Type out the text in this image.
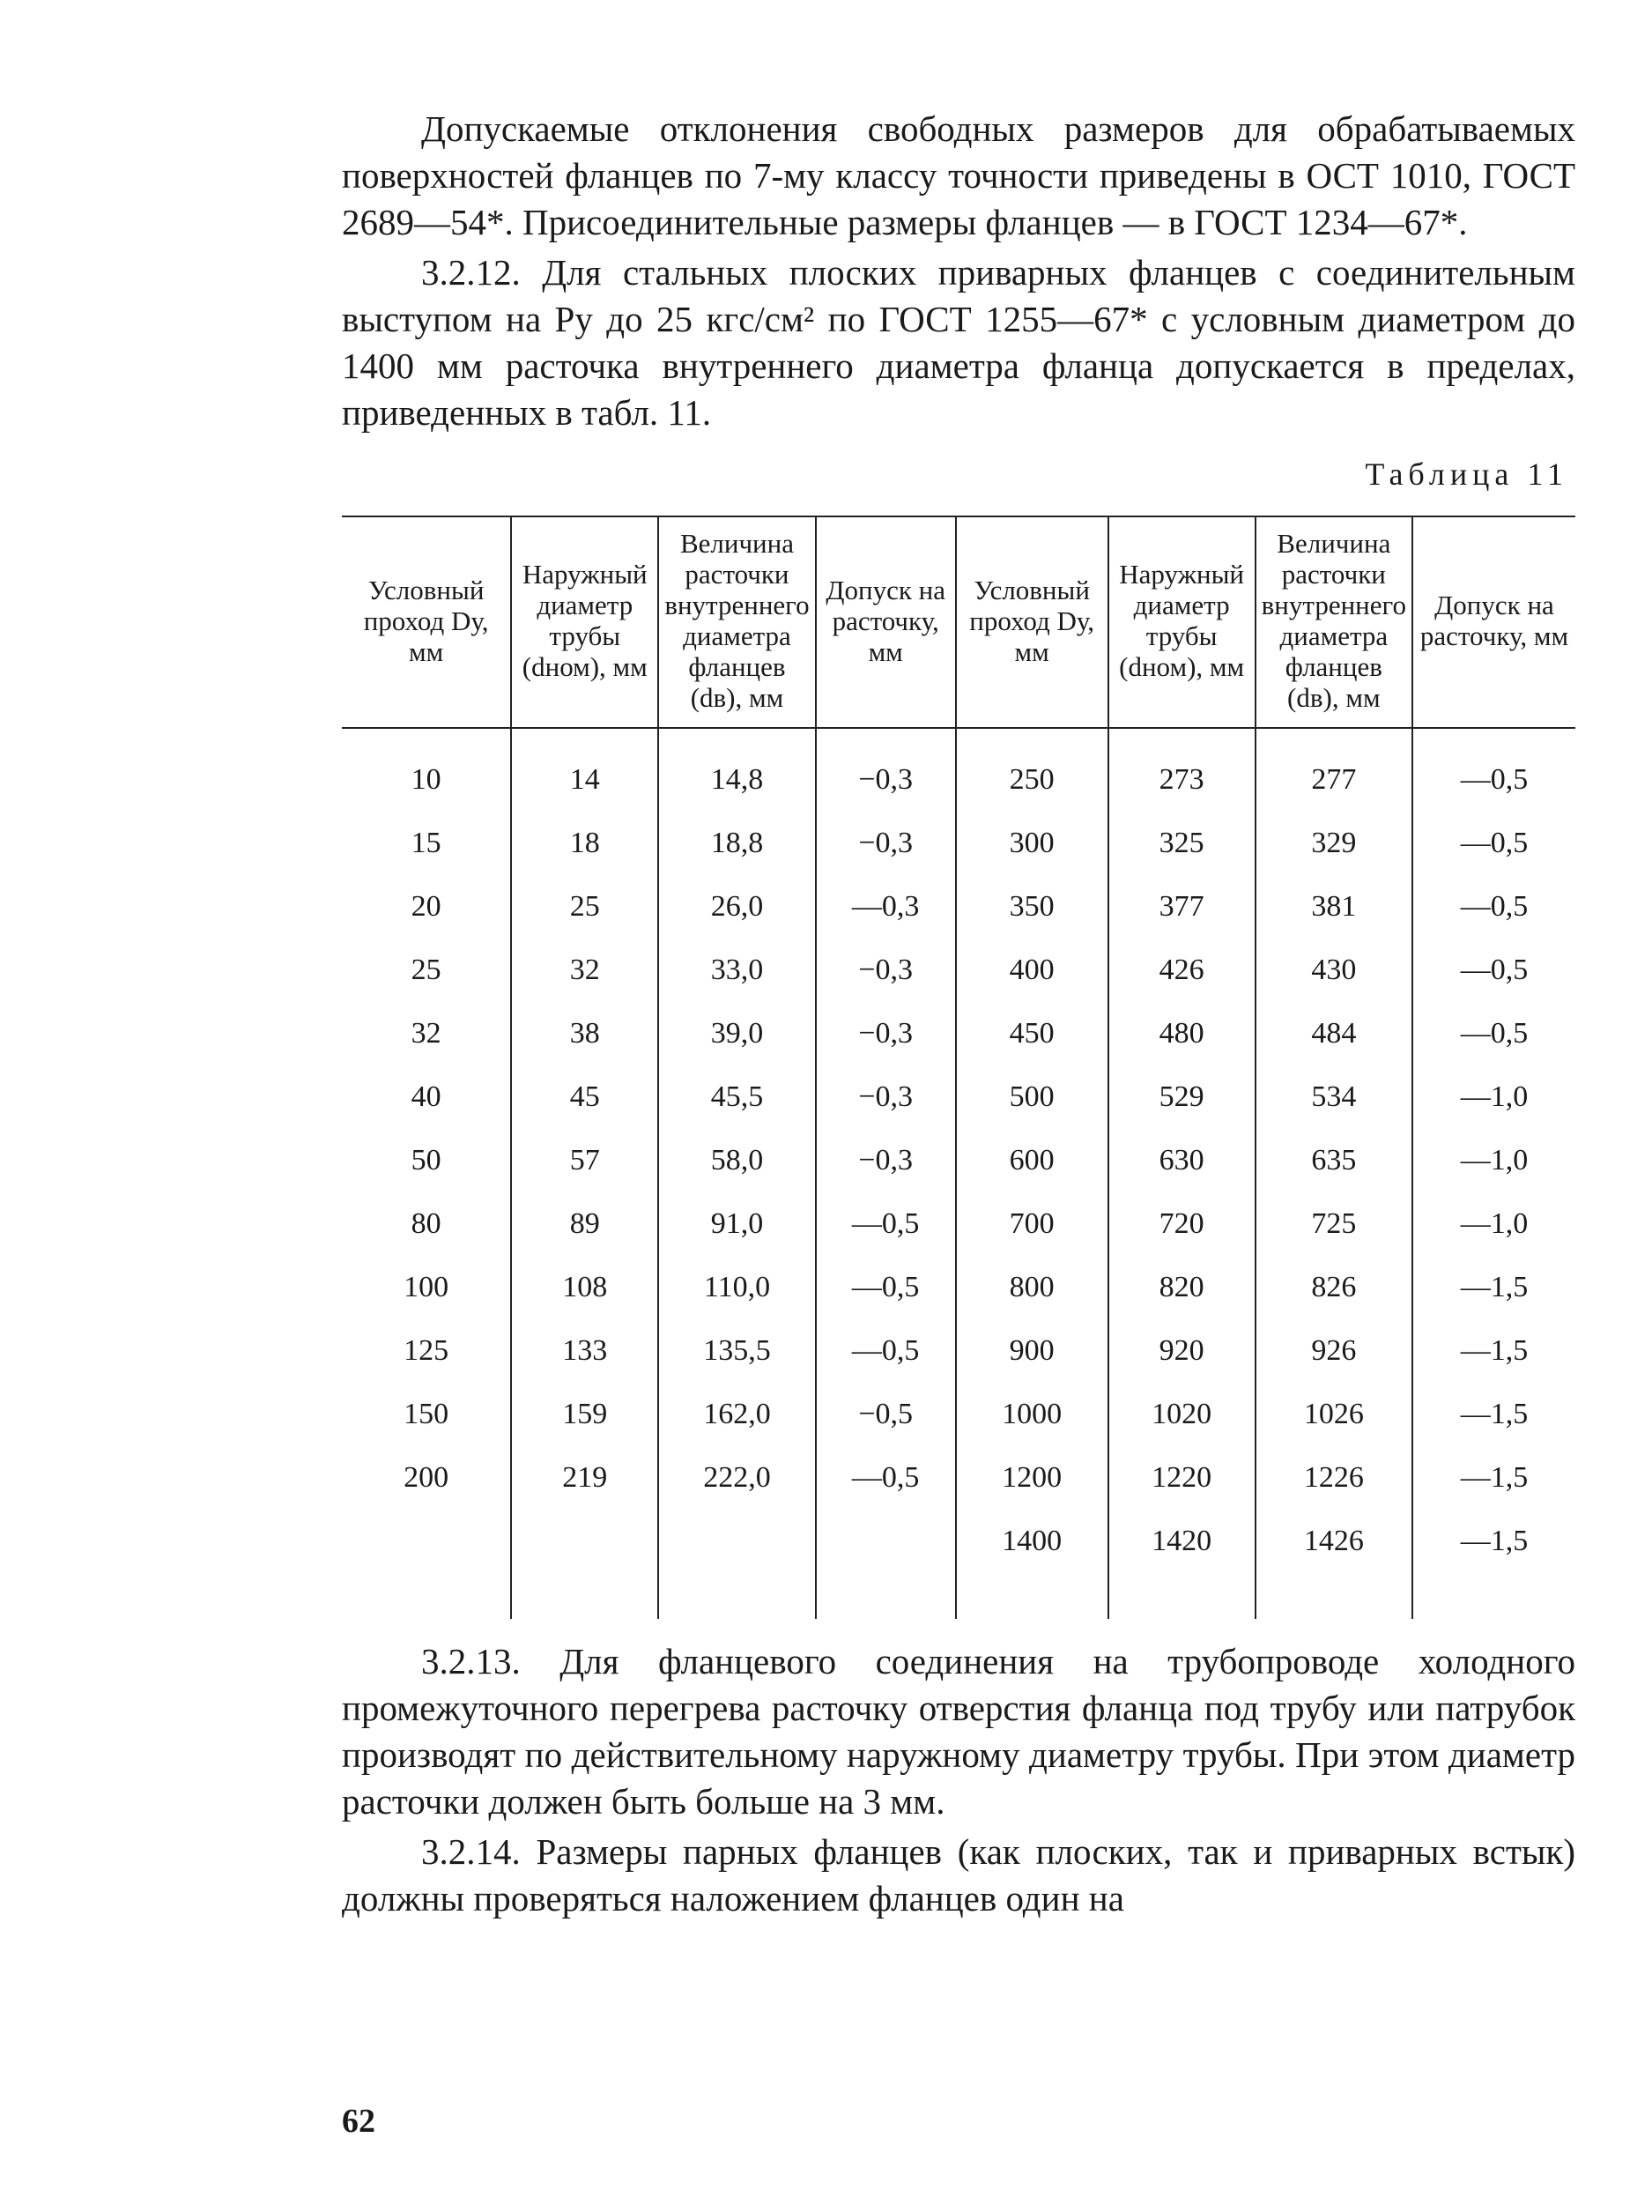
Допускаемые отклонения свободных размеров для обрабатываемых поверхностей фланцев по 7-му классу точности приведены в ОСТ 1010, ГОСТ 2689—54*. Присоединительные размеры фланцев — в ГОСТ 1234—67*.

3.2.12. Для стальных плоских приварных фланцев с соединительным выступом на Pу до 25 кгс/см² по ГОСТ 1255—67* с условным диаметром до 1400 мм расточка внутреннего диаметра фланца допускается в пределах, приведенных в табл. 11.

Таблица 11
Условный проход Dу, мм	Наружный диаметр трубы (dном), мм	Величина расточки внутреннего диаметра фланцев (dв), мм	Допуск на расточку, мм	Условный проход Dу, мм	Наружный диаметр трубы (dном), мм	Величина расточки внутреннего диаметра фланцев (dв), мм	Допуск на расточку, мм
10	14	14,8	−0,3	250	273	277	—0,5
15	18	18,8	−0,3	300	325	329	—0,5
20	25	26,0	—0,3	350	377	381	—0,5
25	32	33,0	−0,3	400	426	430	—0,5
32	38	39,0	−0,3	450	480	484	—0,5
40	45	45,5	−0,3	500	529	534	—1,0
50	57	58,0	−0,3	600	630	635	—1,0
80	89	91,0	—0,5	700	720	725	—1,0
100	108	110,0	—0,5	800	820	826	—1,5
125	133	135,5	—0,5	900	920	926	—1,5
150	159	162,0	−0,5	1000	1020	1026	—1,5
200	219	222,0	—0,5	1200	1220	1226	—1,5
				1400	1420	1426	—1,5

3.2.13. Для фланцевого соединения на трубопроводе холодного промежуточного перегрева расточку отверстия фланца под трубу или патрубок производят по действительному наружному диаметру трубы. При этом диаметр расточки должен быть больше на 3 мм.

3.2.14. Размеры парных фланцев (как плоских, так и приварных встык) должны проверяться наложением фланцев один на

62
